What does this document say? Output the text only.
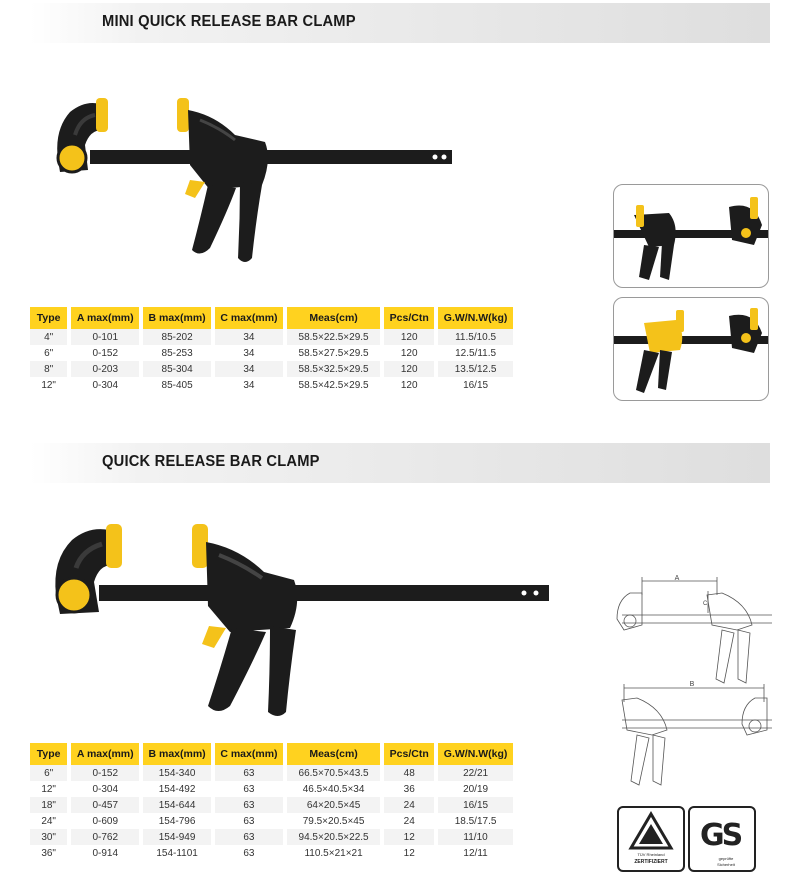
MINI QUICK RELEASE BAR CLAMP
Type	A max(mm)	B max(mm)	C max(mm)	Meas(cm)	Pcs/Ctn	G.W/N.W(kg)
4"	0-101	85-202	34	58.5×22.5×29.5	120	11.5/10.5
6"	0-152	85-253	34	58.5×27.5×29.5	120	12.5/11.5
8"	0-203	85-304	34	58.5×32.5×29.5	120	13.5/12.5
12"	0-304	85-405	34	58.5×42.5×29.5	120	16/15
QUICK RELEASE BAR CLAMP
A
C
B
Type	A max(mm)	B max(mm)	C max(mm)	Meas(cm)	Pcs/Ctn	G.W/N.W(kg)
6"	0-152	154-340	63	66.5×70.5×43.5	48	22/21
12"	0-304	154-492	63	46.5×40.5×34	36	20/19
18"	0-457	154-644	63	64×20.5×45	24	16/15
24"	0-609	154-796	63	79.5×20.5×45	24	18.5/17.5
30"	0-762	154-949	63	94.5×20.5×22.5	12	11/10
36"	0-914	154-1101	63	110.5×21×21	12	12/11	TÜV Rheinland
ZERTIFIZIERT
GS
geprüfte
Sicherheit
